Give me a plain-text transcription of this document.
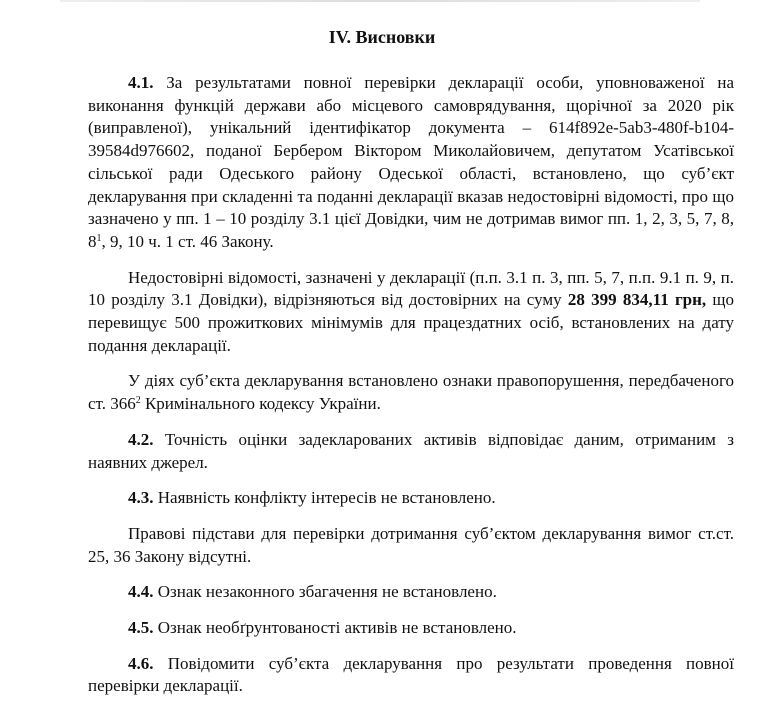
IV. Висновки

4.1. За результатами повної перевірки декларації особи, уповноваженої на виконання функцій держави або місцевого самоврядування, щорічної за 2020 рік (виправленої), унікальний ідентифікатор документа – 614f892e-5ab3-480f-b104-39584d976602, поданої Бербером Віктором Миколайовичем, депутатом Усатівської сільської ради Одеського району Одеської області, встановлено, що суб’єкт декларування при складенні та поданні декларації вказав недостовірні відомості, про що зазначено у пп. 1 – 10 розділу 3.1 цієї Довідки, чим не дотримав вимог пп. 1, 2, 3, 5, 7, 8, $8^1$, 9, 10 ч. 1 ст. 46 Закону.

Недостовірні відомості, зазначені у декларації (п.п. 3.1 п. 3, пп. 5, 7, п.п. 9.1 п. 9, п. 10 розділу 3.1 Довідки), відрізняються від достовірних на суму 28 399 834,11 грн, що перевищує 500 прожиткових мінімумів для працездатних осіб, встановлених на дату подання декларації.

У діях суб’єкта декларування встановлено ознаки правопорушення, передбаченого ст. $366^2$ Кримінального кодексу України.

4.2. Точність оцінки задекларованих активів відповідає даним, отриманим з наявних джерел.

4.3. Наявність конфлікту інтересів не встановлено.

Правові підстави для перевірки дотримання суб’єктом декларування вимог ст.ст. 25, 36 Закону відсутні.

4.4. Ознак незаконного збагачення не встановлено.

4.5. Ознак необґрунтованості активів не встановлено.

4.6. Повідомити суб’єкта декларування про результати проведення повної перевірки декларації.
